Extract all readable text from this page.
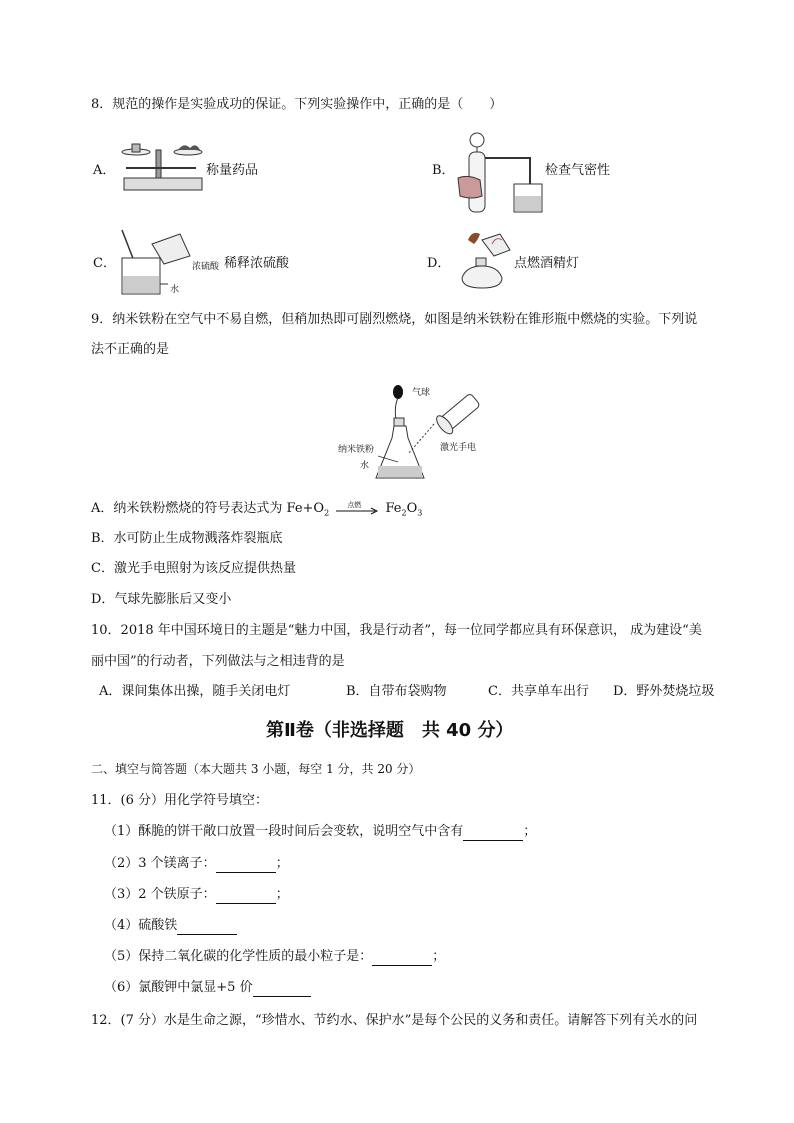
8．规范的操作是实验成功的保证。下列实验操作中，正确的是（　　）
A．	称量药品	B．	检查气密性
C．	浓硫酸
水
稀释浓硫酸	D．	点燃酒精灯
9．纳米铁粉在空气中不易自燃，但稍加热即可剧烈燃烧，如图是纳米铁粉在锥形瓶中燃烧的实验。下列说
法不正确的是
气球
纳米铁粉
水
激光手电
A．纳米铁粉燃烧的符号表达式为 $Fe+O_2$
点燃 $Fe_2O_3$
B．水可防止生成物溅落炸裂瓶底
C．激光手电照射为该反应提供热量
D．气球先膨胀后又变小
10．2018 年中国环境日的主题是“魅力中国，我是行动者”，每一位同学都应具有环保意识， 成为建设“美
丽中国”的行动者，下列做法与之相违背的是
A．课间集体出操，随手关闭电灯	B．自带布袋购物	C．共享单车出行 D．野外焚烧垃圾
第Ⅱ卷（非选择题　共 40 分）
二、填空与简答题（本大题共 3 小题，每空 1 分，共 20 分）
11．(6 分）用化学符号填空：
（1）酥脆的饼干敞口放置一段时间后会变软，说明空气中含有	；
（2）3 个镁离子：	；
（3）2 个铁原子：	；
（4）硫酸铁
（5）保持二氧化碳的化学性质的最小粒子是：	；
（6）氯酸钾中氯显+5 价
12．(7 分）水是生命之源，“珍惜水、节约水、保护水”是每个公民的义务和责任。请解答下列有关水的问
